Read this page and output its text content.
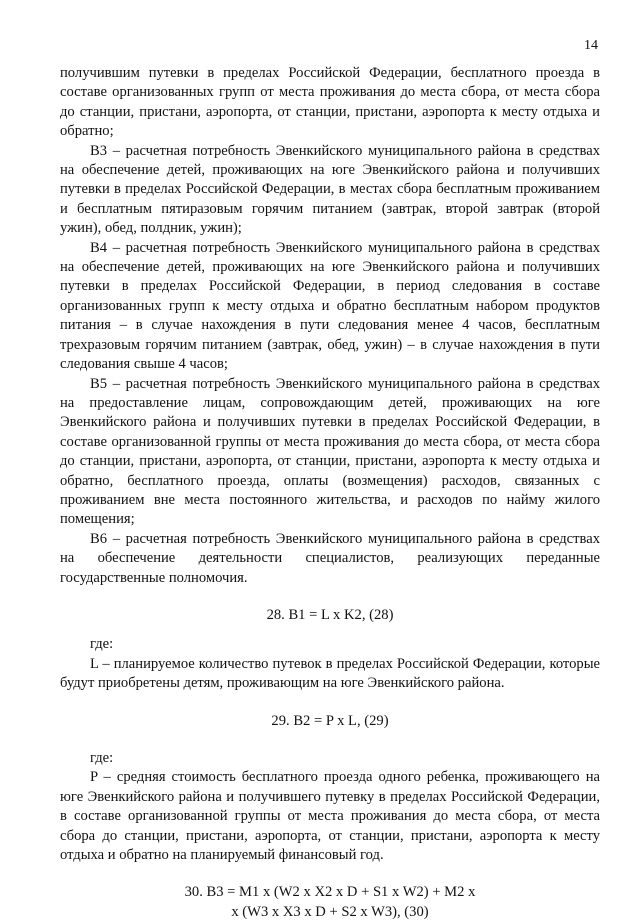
14

получившим путевки в пределах Российской Федерации, бесплатного проезда в составе организованных групп от места проживания до места сбора, от места сбора до станции, пристани, аэропорта, от станции, пристани, аэропорта к месту отдыха и обратно;

В3 – расчетная потребность Эвенкийского муниципального района в средствах на обеспечение детей, проживающих на юге Эвенкийского района и получивших путевки в пределах Российской Федерации, в местах сбора бесплатным проживанием и бесплатным пятиразовым горячим питанием (завтрак, второй завтрак (второй ужин), обед, полдник, ужин);

В4 – расчетная потребность Эвенкийского муниципального района в средствах на обеспечение детей, проживающих на юге Эвенкийского района и получивших путевки в пределах Российской Федерации, в период следования в составе организованных групп к месту отдыха и обратно бесплатным набором продуктов питания – в случае нахождения в пути следования менее 4 часов, бесплатным трехразовым горячим питанием (завтрак, обед, ужин) – в случае нахождения в пути следования свыше 4 часов;

В5 – расчетная потребность Эвенкийского муниципального района в средствах на предоставление лицам, сопровождающим детей, проживающих на юге Эвенкийского района и получивших путевки в пределах Российской Федерации, в составе организованной группы от места проживания до места сбора, от места сбора до станции, пристани, аэропорта, от станции, пристани, аэропорта к месту отдыха и обратно, бесплатного проезда, оплаты (возмещения) расходов, связанных с проживанием вне места постоянного жительства, и расходов по найму жилого помещения;

В6 – расчетная потребность Эвенкийского муниципального района в средствах на обеспечение деятельности специалистов, реализующих переданные государственные полномочия.

28. В1 = L x K2, (28)

где:

L – планируемое количество путевок в пределах Российской Федерации, которые будут приобретены детям, проживающим на юге Эвенкийского района.

29. В2 = P x L, (29)

где:

P – средняя стоимость бесплатного проезда одного ребенка, проживающего на юге Эвенкийского района и получившего путевку в пределах Российской Федерации, в составе организованной группы от места проживания до места сбора, от места сбора до станции, пристани, аэропорта, от станции, пристани, аэропорта к месту отдыха и обратно на планируемый финансовый год.

30. В3 = М1 x (W2 x X2 x D + S1 x W2) + М2 x

x (W3 x X3 x D + S2 x W3), (30)
